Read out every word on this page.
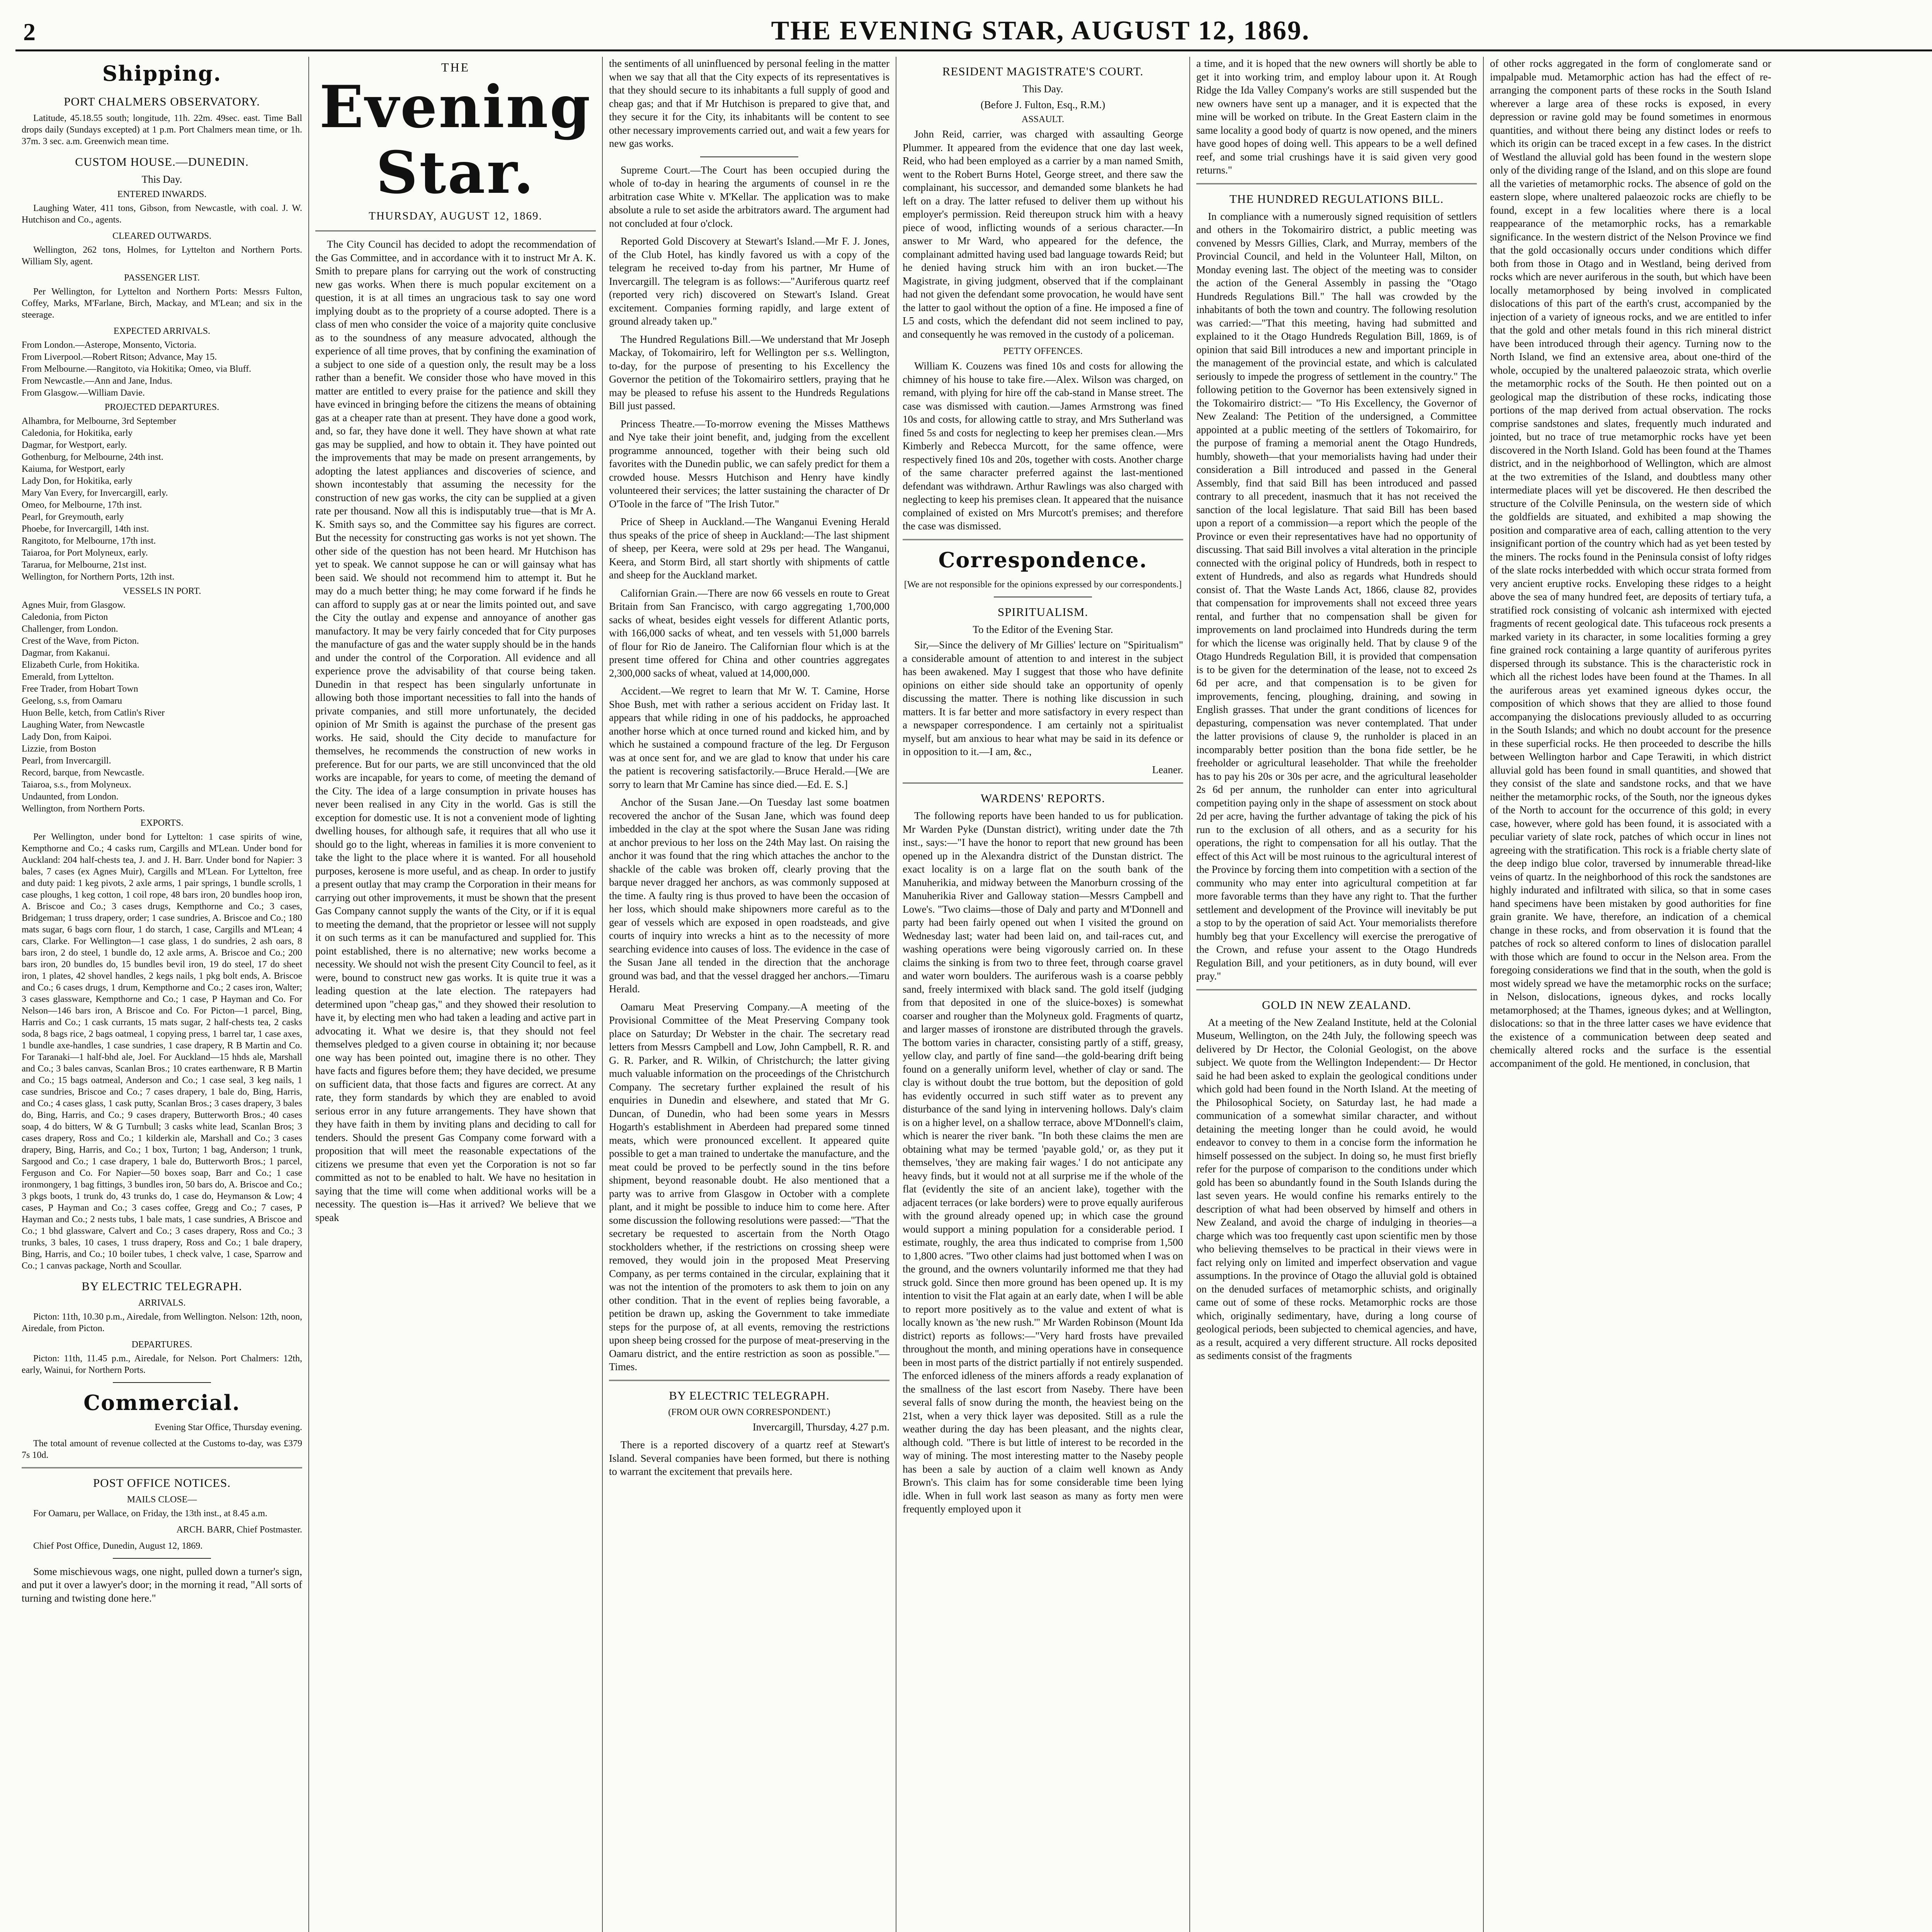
2	THE EVENING STAR, AUGUST 12, 1869.
Shipping.
PORT CHALMERS OBSERVATORY.

Latitude, 45.18.55 south; longitude, 11h. 22m. 49sec. east. Time Ball drops daily (Sundays excepted) at 1 p.m. Port Chalmers mean time, or 1h. 37m. 3 sec. a.m. Greenwich mean time.

CUSTOM HOUSE.—DUNEDIN.
This Day.
ENTERED INWARDS.

Laughing Water, 411 tons, Gibson, from Newcastle, with coal. J. W. Hutchison and Co., agents.

CLEARED OUTWARDS.

Wellington, 262 tons, Holmes, for Lyttelton and Northern Ports. William Sly, agent.

PASSENGER LIST.

Per Wellington, for Lyttelton and Northern Ports: Messrs Fulton, Coffey, Marks, M'Farlane, Birch, Mackay, and M'Lean; and six in the steerage.

EXPECTED ARRIVALS.
From London.—Asterope, Monsento, Victoria.
From Liverpool.—Robert Ritson; Advance, May 15.
From Melbourne.—Rangitoto, via Hokitika; Omeo, via Bluff.
From Newcastle.—Ann and Jane, Indus.
From Glasgow.—William Davie.
PROJECTED DEPARTURES.
Alhambra, for Melbourne, 3rd September
Caledonia, for Hokitika, early
Dagmar, for Westport, early.
Gothenburg, for Melbourne, 24th inst.
Kaiuma, for Westport, early
Lady Don, for Hokitika, early
Mary Van Every, for Invercargill, early.
Omeo, for Melbourne, 17th inst.
Pearl, for Greymouth, early
Phoebe, for Invercargill, 14th inst.
Rangitoto, for Melbourne, 17th inst.
Taiaroa, for Port Molyneux, early.
Tararua, for Melbourne, 21st inst.
Wellington, for Northern Ports, 12th inst.
VESSELS IN PORT.
Agnes Muir, from Glasgow.
Caledonia, from Picton
Challenger, from London.
Crest of the Wave, from Picton.
Dagmar, from Kakanui.
Elizabeth Curle, from Hokitika.
Emerald, from Lyttelton.
Free Trader, from Hobart Town
Geelong, s.s, from Oamaru
Huon Belle, ketch, from Catlin's River
Laughing Water, from Newcastle
Lady Don, from Kaipoi.
Lizzie, from Boston
Pearl, from Invercargill.
Record, barque, from Newcastle.
Taiaroa, s.s., from Molyneux.
Undaunted, from London.
Wellington, from Northern Ports.
EXPORTS.

Per Wellington, under bond for Lyttelton: 1 case spirits of wine, Kempthorne and Co.; 4 casks rum, Cargills and M'Lean. Under bond for Auckland: 204 half-chests tea, J. and J. H. Barr. Under bond for Napier: 3 bales, 7 cases (ex Agnes Muir), Cargills and M'Lean. For Lyttelton, free and duty paid: 1 keg pivots, 2 axle arms, 1 pair springs, 1 bundle scrolls, 1 case ploughs, 1 keg cotton, 1 coil rope, 48 bars iron, 20 bundles hoop iron, A. Briscoe and Co.; 3 cases drugs, Kempthorne and Co.; 3 cases, Bridgeman; 1 truss drapery, order; 1 case sundries, A. Briscoe and Co.; 180 mats sugar, 6 bags corn flour, 1 do starch, 1 case, Cargills and M'Lean; 4 cars, Clarke. For Wellington—1 case glass, 1 do sundries, 2 ash oars, 8 bars iron, 2 do steel, 1 bundle do, 12 axle arms, A. Briscoe and Co.; 200 bars iron, 20 bundles do, 15 bundles bevil iron, 19 do steel, 17 do sheet iron, 1 plates, 42 shovel handles, 2 kegs nails, 1 pkg bolt ends, A. Briscoe and Co.; 6 cases drugs, 1 drum, Kempthorne and Co.; 2 cases iron, Walter; 3 cases glassware, Kempthorne and Co.; 1 case, P Hayman and Co. For Nelson—146 bars iron, A Briscoe and Co. For Picton—1 parcel, Bing, Harris and Co.; 1 cask currants, 15 mats sugar, 2 half-chests tea, 2 casks soda, 8 bags rice, 2 bags oatmeal, 1 copying press, 1 barrel tar, 1 case axes, 1 bundle axe-handles, 1 case sundries, 1 case drapery, R B Martin and Co. For Taranaki—1 half-bhd ale, Joel. For Auckland—15 hhds ale, Marshall and Co.; 3 bales canvas, Scanlan Bros.; 10 crates earthenware, R B Martin and Co.; 15 bags oatmeal, Anderson and Co.; 1 case seal, 3 keg nails, 1 case sundries, Briscoe and Co.; 7 cases drapery, 1 bale do, Bing, Harris, and Co.; 4 cases glass, 1 cask putty, Scanlan Bros.; 3 cases drapery, 3 bales do, Bing, Harris, and Co.; 9 cases drapery, Butterworth Bros.; 40 cases soap, 4 do bitters, W & G Turnbull; 3 casks white lead, Scanlan Bros; 3 cases drapery, Ross and Co.; 1 kilderkin ale, Marshall and Co.; 3 cases drapery, Bing, Harris, and Co.; 1 box, Turton; 1 bag, Anderson; 1 trunk, Sargood and Co.; 1 case drapery, 1 bale do, Butterworth Bros.; 1 parcel, Ferguson and Co. For Napier—50 boxes soap, Barr and Co.; 1 case ironmongery, 1 bag fittings, 3 bundles iron, 50 bars do, A. Briscoe and Co.; 3 pkgs boots, 1 trunk do, 43 trunks do, 1 case do, Heymanson & Low; 4 cases, P Hayman and Co.; 3 cases coffee, Gregg and Co.; 7 cases, P Hayman and Co.; 2 nests tubs, 1 bale mats, 1 case sundries, A Briscoe and Co.; 1 bhd glassware, Calvert and Co.; 3 cases drapery, Ross and Co.; 3 trunks, 3 bales, 10 cases, 1 truss drapery, Ross and Co.; 1 bale drapery, Bing, Harris, and Co.; 10 boiler tubes, 1 check valve, 1 case, Sparrow and Co.; 1 canvas package, North and Scoullar.

BY ELECTRIC TELEGRAPH.
ARRIVALS.

Picton: 11th, 10.30 p.m., Airedale, from Wellington. Nelson: 12th, noon, Airedale, from Picton.

DEPARTURES.

Picton: 11th, 11.45 p.m., Airedale, for Nelson. Port Chalmers: 12th, early, Wainui, for Northern Ports.

Commercial.

Evening Star Office, Thursday evening.

The total amount of revenue collected at the Customs to-day, was £379 7s 10d.

POST OFFICE NOTICES.
MAILS CLOSE—

For Oamaru, per Wallace, on Friday, the 13th inst., at 8.45 a.m.

ARCH. BARR, Chief Postmaster.

Chief Post Office, Dunedin, August 12, 1869.

Some mischievous wags, one night, pulled down a turner's sign, and put it over a lawyer's door; in the morning it read, "All sorts of turning and twisting done here."

THE
Evening Star.
THURSDAY, AUGUST 12, 1869.

The City Council has decided to adopt the recommendation of the Gas Committee, and in accordance with it to instruct Mr A. K. Smith to prepare plans for carrying out the work of constructing new gas works. When there is much popular excitement on a question, it is at all times an ungracious task to say one word implying doubt as to the propriety of a course adopted. There is a class of men who consider the voice of a majority quite conclusive as to the soundness of any measure advocated, although the experience of all time proves, that by confining the examination of a subject to one side of a question only, the result may be a loss rather than a benefit. We consider those who have moved in this matter are entitled to every praise for the patience and skill they have evinced in bringing before the citizens the means of obtaining gas at a cheaper rate than at present. They have done a good work, and, so far, they have done it well. They have shown at what rate gas may be supplied, and how to obtain it. They have pointed out the improvements that may be made on present arrangements, by adopting the latest appliances and discoveries of science, and shown incontestably that assuming the necessity for the construction of new gas works, the city can be supplied at a given rate per thousand. Now all this is indisputably true—that is Mr A. K. Smith says so, and the Committee say his figures are correct. But the necessity for constructing gas works is not yet shown. The other side of the question has not been heard. Mr Hutchison has yet to speak. We cannot suppose he can or will gainsay what has been said. We should not recommend him to attempt it. But he may do a much better thing; he may come forward if he finds he can afford to supply gas at or near the limits pointed out, and save the City the outlay and expense and annoyance of another gas manufactory. It may be very fairly conceded that for City purposes the manufacture of gas and the water supply should be in the hands and under the control of the Corporation. All evidence and all experience prove the advisability of that course being taken. Dunedin in that respect has been singularly unfortunate in allowing both those important necessities to fall into the hands of private companies, and still more unfortunately, the decided opinion of Mr Smith is against the purchase of the present gas works. He said, should the City decide to manufacture for themselves, he recommends the construction of new works in preference. But for our parts, we are still unconvinced that the old works are incapable, for years to come, of meeting the demand of the City. The idea of a large consumption in private houses has never been realised in any City in the world. Gas is still the exception for domestic use. It is not a convenient mode of lighting dwelling houses, for although safe, it requires that all who use it should go to the light, whereas in families it is more convenient to take the light to the place where it is wanted. For all household purposes, kerosene is more useful, and as cheap. In order to justify a present outlay that may cramp the Corporation in their means for carrying out other improvements, it must be shown that the present Gas Company cannot supply the wants of the City, or if it is equal to meeting the demand, that the proprietor or lessee will not supply it on such terms as it can be manufactured and supplied for. This point established, there is no alternative; new works become a necessity. We should not wish the present City Council to feel, as it were, bound to construct new gas works. It is quite true it was a leading question at the late election. The ratepayers had determined upon "cheap gas," and they showed their resolution to have it, by electing men who had taken a leading and active part in advocating it. What we desire is, that they should not feel themselves pledged to a given course in obtaining it; nor because one way has been pointed out, imagine there is no other. They have facts and figures before them; they have decided, we presume on sufficient data, that those facts and figures are correct. At any rate, they form standards by which they are enabled to avoid serious error in any future arrangements. They have shown that they have faith in them by inviting plans and deciding to call for tenders. Should the present Gas Company come forward with a proposition that will meet the reasonable expectations of the citizens we presume that even yet the Corporation is not so far committed as not to be enabled to halt. We have no hesitation in saying that the time will come when additional works will be a necessity. The question is—Has it arrived? We believe that we speak

the sentiments of all uninfluenced by personal feeling in the matter when we say that all that the City expects of its representatives is that they should secure to its inhabitants a full supply of good and cheap gas; and that if Mr Hutchison is prepared to give that, and they secure it for the City, its inhabitants will be content to see other necessary improvements carried out, and wait a few years for new gas works.

Supreme Court.—The Court has been occupied during the whole of to-day in hearing the arguments of counsel in re the arbitration case White v. M'Kellar. The application was to make absolute a rule to set aside the arbitrators award. The argument had not concluded at four o'clock.

Reported Gold Discovery at Stewart's Island.—Mr F. J. Jones, of the Club Hotel, has kindly favored us with a copy of the telegram he received to-day from his partner, Mr Hume of Invercargill. The telegram is as follows:—"Auriferous quartz reef (reported very rich) discovered on Stewart's Island. Great excitement. Companies forming rapidly, and large extent of ground already taken up."

The Hundred Regulations Bill.—We understand that Mr Joseph Mackay, of Tokomairiro, left for Wellington per s.s. Wellington, to-day, for the purpose of presenting to his Excellency the Governor the petition of the Tokomairiro settlers, praying that he may be pleased to refuse his assent to the Hundreds Regulations Bill just passed.

Princess Theatre.—To-morrow evening the Misses Matthews and Nye take their joint benefit, and, judging from the excellent programme announced, together with their being such old favorites with the Dunedin public, we can safely predict for them a crowded house. Messrs Hutchison and Henry have kindly volunteered their services; the latter sustaining the character of Dr O'Toole in the farce of "The Irish Tutor."

Price of Sheep in Auckland.—The Wanganui Evening Herald thus speaks of the price of sheep in Auckland:—The last shipment of sheep, per Keera, were sold at 29s per head. The Wanganui, Keera, and Storm Bird, all start shortly with shipments of cattle and sheep for the Auckland market.

Californian Grain.—There are now 66 vessels en route to Great Britain from San Francisco, with cargo aggregating 1,700,000 sacks of wheat, besides eight vessels for different Atlantic ports, with 166,000 sacks of wheat, and ten vessels with 51,000 barrels of flour for Rio de Janeiro. The Californian flour which is at the present time offered for China and other countries aggregates 2,300,000 sacks of wheat, valued at 14,000,000.

Accident.—We regret to learn that Mr W. T. Camine, Horse Shoe Bush, met with rather a serious accident on Friday last. It appears that while riding in one of his paddocks, he approached another horse which at once turned round and kicked him, and by which he sustained a compound fracture of the leg. Dr Ferguson was at once sent for, and we are glad to know that under his care the patient is recovering satisfactorily.—Bruce Herald.—[We are sorry to learn that Mr Camine has since died.—Ed. E. S.]

Anchor of the Susan Jane.—On Tuesday last some boatmen recovered the anchor of the Susan Jane, which was found deep imbedded in the clay at the spot where the Susan Jane was riding at anchor previous to her loss on the 24th May last. On raising the anchor it was found that the ring which attaches the anchor to the shackle of the cable was broken off, clearly proving that the barque never dragged her anchors, as was commonly supposed at the time. A faulty ring is thus proved to have been the occasion of her loss, which should make shipowners more careful as to the gear of vessels which are exposed in open roadsteads, and give courts of inquiry into wrecks a hint as to the necessity of more searching evidence into causes of loss. The evidence in the case of the Susan Jane all tended in the direction that the anchorage ground was bad, and that the vessel dragged her anchors.—Timaru Herald.

Oamaru Meat Preserving Company.—A meeting of the Provisional Committee of the Meat Preserving Company took place on Saturday; Dr Webster in the chair. The secretary read letters from Messrs Campbell and Low, John Campbell, R. R. and G. R. Parker, and R. Wilkin, of Christchurch; the latter giving much valuable information on the proceedings of the Christchurch Company. The secretary further explained the result of his enquiries in Dunedin and elsewhere, and stated that Mr G. Duncan, of Dunedin, who had been some years in Messrs Hogarth's establishment in Aberdeen had prepared some tinned meats, which were pronounced excellent. It appeared quite possible to get a man trained to undertake the manufacture, and the meat could be proved to be perfectly sound in the tins before shipment, beyond reasonable doubt. He also mentioned that a party was to arrive from Glasgow in October with a complete plant, and it might be possible to induce him to come here. After some discussion the following resolutions were passed:—"That the secretary be requested to ascertain from the North Otago stockholders whether, if the restrictions on crossing sheep were removed, they would join in the proposed Meat Preserving Company, as per terms contained in the circular, explaining that it was not the intention of the promoters to ask them to join on any other condition. That in the event of replies being favorable, a petition be drawn up, asking the Government to take immediate steps for the purpose of, at all events, removing the restrictions upon sheep being crossed for the purpose of meat-preserving in the Oamaru district, and the entire restriction as soon as possible."—Times.

BY ELECTRIC TELEGRAPH.
(FROM OUR OWN CORRESPONDENT.)

Invercargill, Thursday, 4.27 p.m.

There is a reported discovery of a quartz reef at Stewart's Island. Several companies have been formed, but there is nothing to warrant the excitement that prevails here.

RESIDENT MAGISTRATE'S COURT.
This Day.
(Before J. Fulton, Esq., R.M.)
ASSAULT.

John Reid, carrier, was charged with assaulting George Plummer. It appeared from the evidence that one day last week, Reid, who had been employed as a carrier by a man named Smith, went to the Robert Burns Hotel, George street, and there saw the complainant, his successor, and demanded some blankets he had left on a dray. The latter refused to deliver them up without his employer's permission. Reid thereupon struck him with a heavy piece of wood, inflicting wounds of a serious character.—In answer to Mr Ward, who appeared for the defence, the complainant admitted having used bad language towards Reid; but he denied having struck him with an iron bucket.—The Magistrate, in giving judgment, observed that if the complainant had not given the defendant some provocation, he would have sent the latter to gaol without the option of a fine. He imposed a fine of L5 and costs, which the defendant did not seem inclined to pay, and consequently he was removed in the custody of a policeman.

PETTY OFFENCES.

William K. Couzens was fined 10s and costs for allowing the chimney of his house to take fire.—Alex. Wilson was charged, on remand, with plying for hire off the cab-stand in Manse street. The case was dismissed with caution.—James Armstrong was fined 10s and costs, for allowing cattle to stray, and Mrs Sutherland was fined 5s and costs for neglecting to keep her premises clean.—Mrs Kimberly and Rebecca Murcott, for the same offence, were respectively fined 10s and 20s, together with costs. Another charge of the same character preferred against the last-mentioned defendant was withdrawn. Arthur Rawlings was also charged with neglecting to keep his premises clean. It appeared that the nuisance complained of existed on Mrs Murcott's premises; and therefore the case was dismissed.

Correspondence.

[We are not responsible for the opinions expressed by our correspondents.]

SPIRITUALISM.
To the Editor of the Evening Star.

Sir,—Since the delivery of Mr Gillies' lecture on "Spiritualism" a considerable amount of attention to and interest in the subject has been awakened. May I suggest that those who have definite opinions on either side should take an opportunity of openly discussing the matter. There is nothing like discussion in such matters. It is far better and more satisfactory in every respect than a newspaper correspondence. I am certainly not a spiritualist myself, but am anxious to hear what may be said in its defence or in opposition to it.—I am, &c.,

Leaner.

WARDENS' REPORTS.

The following reports have been handed to us for publication. Mr Warden Pyke (Dunstan district), writing under date the 7th inst., says:—"I have the honor to report that new ground has been opened up in the Alexandra district of the Dunstan district. The exact locality is on a large flat on the south bank of the Manuherikia, and midway between the Manorburn crossing of the Manuherikia River and Galloway station—Messrs Campbell and Lowe's. "Two claims—those of Daly and party and M'Donnell and party had been fairly opened out when I visited the ground on Wednesday last; water had been laid on, and tail-races cut, and washing operations were being vigorously carried on. In these claims the sinking is from two to three feet, through coarse gravel and water worn boulders. The auriferous wash is a coarse pebbly sand, freely intermixed with black sand. The gold itself (judging from that deposited in one of the sluice-boxes) is somewhat coarser and rougher than the Molyneux gold. Fragments of quartz, and larger masses of ironstone are distributed through the gravels. The bottom varies in character, consisting partly of a stiff, greasy, yellow clay, and partly of fine sand—the gold-bearing drift being found on a generally uniform level, whether of clay or sand. The clay is without doubt the true bottom, but the deposition of gold has evidently occurred in such stiff water as to prevent any disturbance of the sand lying in intervening hollows. Daly's claim is on a higher level, on a shallow terrace, above M'Donnell's claim, which is nearer the river bank. "In both these claims the men are obtaining what may be termed 'payable gold,' or, as they put it themselves, 'they are making fair wages.' I do not anticipate any heavy finds, but it would not at all surprise me if the whole of the flat (evidently the site of an ancient lake), together with the adjacent terraces (or lake borders) were to prove equally auriferous with the ground already opened up; in which case the ground would support a mining population for a considerable period. I estimate, roughly, the area thus indicated to comprise from 1,500 to 1,800 acres. "Two other claims had just bottomed when I was on the ground, and the owners voluntarily informed me that they had struck gold. Since then more ground has been opened up. It is my intention to visit the Flat again at an early date, when I will be able to report more positively as to the value and extent of what is locally known as 'the new rush.'" Mr Warden Robinson (Mount Ida district) reports as follows:—"Very hard frosts have prevailed throughout the month, and mining operations have in consequence been in most parts of the district partially if not entirely suspended. The enforced idleness of the miners affords a ready explanation of the smallness of the last escort from Naseby. There have been several falls of snow during the month, the heaviest being on the 21st, when a very thick layer was deposited. Still as a rule the weather during the day has been pleasant, and the nights clear, although cold. "There is but little of interest to be recorded in the way of mining. The most interesting matter to the Naseby people has been a sale by auction of a claim well known as Andy Brown's. This claim has for some considerable time been lying idle. When in full work last season as many as forty men were frequently employed upon it

a time, and it is hoped that the new owners will shortly be able to get it into working trim, and employ labour upon it. At Rough Ridge the Ida Valley Company's works are still suspended but the new owners have sent up a manager, and it is expected that the mine will be worked on tribute. In the Great Eastern claim in the same locality a good body of quartz is now opened, and the miners have good hopes of doing well. This appears to be a well defined reef, and some trial crushings have it is said given very good returns."

THE HUNDRED REGULATIONS BILL.

In compliance with a numerously signed requisition of settlers and others in the Tokomairiro district, a public meeting was convened by Messrs Gillies, Clark, and Murray, members of the Provincial Council, and held in the Volunteer Hall, Milton, on Monday evening last. The object of the meeting was to consider the action of the General Assembly in passing the "Otago Hundreds Regulations Bill." The hall was crowded by the inhabitants of both the town and country. The following resolution was carried:—"That this meeting, having had submitted and explained to it the Otago Hundreds Regulation Bill, 1869, is of opinion that said Bill introduces a new and important principle in the management of the provincial estate, and which is calculated seriously to impede the progress of settlement in the country." The following petition to the Governor has been extensively signed in the Tokomairiro district:— "To His Excellency, the Governor of New Zealand: The Petition of the undersigned, a Committee appointed at a public meeting of the settlers of Tokomairiro, for the purpose of framing a memorial anent the Otago Hundreds, humbly, showeth—that your memorialists having had under their consideration a Bill introduced and passed in the General Assembly, find that said Bill has been introduced and passed contrary to all precedent, inasmuch that it has not received the sanction of the local legislature. That said Bill has been based upon a report of a commission—a report which the people of the Province or even their representatives have had no opportunity of discussing. That said Bill involves a vital alteration in the principle connected with the original policy of Hundreds, both in respect to extent of Hundreds, and also as regards what Hundreds should consist of. That the Waste Lands Act, 1866, clause 82, provides that compensation for improvements shall not exceed three years rental, and further that no compensation shall be given for improvements on land proclaimed into Hundreds during the term for which the license was originally held. That by clause 9 of the Otago Hundreds Regulation Bill, it is provided that compensation is to be given for the determination of the lease, not to exceed 2s 6d per acre, and that compensation is to be given for improvements, fencing, ploughing, draining, and sowing in English grasses. That under the grant conditions of licences for depasturing, compensation was never contemplated. That under the latter provisions of clause 9, the runholder is placed in an incomparably better position than the bona fide settler, be he freeholder or agricultural leaseholder. That while the freeholder has to pay his 20s or 30s per acre, and the agricultural leaseholder 2s 6d per annum, the runholder can enter into agricultural competition paying only in the shape of assessment on stock about 2d per acre, having the further advantage of taking the pick of his run to the exclusion of all others, and as a security for his operations, the right to compensation for all his outlay. That the effect of this Act will be most ruinous to the agricultural interest of the Province by forcing them into competition with a section of the community who may enter into agricultural competition at far more favorable terms than they have any right to. That the further settlement and development of the Province will inevitably be put a stop to by the operation of said Act. Your memorialists therefore humbly beg that your Excellency will exercise the prerogative of the Crown, and refuse your assent to the Otago Hundreds Regulation Bill, and your petitioners, as in duty bound, will ever pray."

GOLD IN NEW ZEALAND.

At a meeting of the New Zealand Institute, held at the Colonial Museum, Wellington, on the 24th July, the following speech was delivered by Dr Hector, the Colonial Geologist, on the above subject. We quote from the Wellington Independent:— Dr Hector said he had been asked to explain the geological conditions under which gold had been found in the North Island. At the meeting of the Philosophical Society, on Saturday last, he had made a communication of a somewhat similar character, and without detaining the meeting longer than he could avoid, he would endeavor to convey to them in a concise form the information he himself possessed on the subject. In doing so, he must first briefly refer for the purpose of comparison to the conditions under which gold has been so abundantly found in the South Islands during the last seven years. He would confine his remarks entirely to the description of what had been observed by himself and others in New Zealand, and avoid the charge of indulging in theories—a charge which was too frequently cast upon scientific men by those who believing themselves to be practical in their views were in fact relying only on limited and imperfect observation and vague assumptions. In the province of Otago the alluvial gold is obtained on the denuded surfaces of metamorphic schists, and originally came out of some of these rocks. Metamorphic rocks are those which, originally sedimentary, have, during a long course of geological periods, been subjected to chemical agencies, and have, as a result, acquired a very different structure. All rocks deposited as sediments consist of the fragments

of other rocks aggregated in the form of conglomerate sand or impalpable mud. Metamorphic action has had the effect of re-arranging the component parts of these rocks in the South Island wherever a large area of these rocks is exposed, in every depression or ravine gold may be found sometimes in enormous quantities, and without there being any distinct lodes or reefs to which its origin can be traced except in a few cases. In the district of Westland the alluvial gold has been found in the western slope only of the dividing range of the Island, and on this slope are found all the varieties of metamorphic rocks. The absence of gold on the eastern slope, where unaltered palaeozoic rocks are chiefly to be found, except in a few localities where there is a local reappearance of the metamorphic rocks, has a remarkable significance. In the western district of the Nelson Province we find that the gold occasionally occurs under conditions which differ both from those in Otago and in Westland, being derived from rocks which are never auriferous in the south, but which have been locally metamorphosed by being involved in complicated dislocations of this part of the earth's crust, accompanied by the injection of a variety of igneous rocks, and we are entitled to infer that the gold and other metals found in this rich mineral district have been introduced through their agency. Turning now to the North Island, we find an extensive area, about one-third of the whole, occupied by the unaltered palaeozoic strata, which overlie the metamorphic rocks of the South. He then pointed out on a geological map the distribution of these rocks, indicating those portions of the map derived from actual observation. The rocks comprise sandstones and slates, frequently much indurated and jointed, but no trace of true metamorphic rocks have yet been discovered in the North Island. Gold has been found at the Thames district, and in the neighborhood of Wellington, which are almost at the two extremities of the Island, and doubtless many other intermediate places will yet be discovered. He then described the structure of the Colville Peninsula, on the western side of which the goldfields are situated, and exhibited a map showing the position and comparative area of each, calling attention to the very insignificant portion of the country which had as yet been tested by the miners. The rocks found in the Peninsula consist of lofty ridges of the slate rocks interbedded with which occur strata formed from very ancient eruptive rocks. Enveloping these ridges to a height above the sea of many hundred feet, are deposits of tertiary tufa, a stratified rock consisting of volcanic ash intermixed with ejected fragments of recent geological date. This tufaceous rock presents a marked variety in its character, in some localities forming a grey fine grained rock containing a large quantity of auriferous pyrites dispersed through its substance. This is the characteristic rock in which all the richest lodes have been found at the Thames. In all the auriferous areas yet examined igneous dykes occur, the composition of which shows that they are allied to those found accompanying the dislocations previously alluded to as occurring in the South Islands; and which no doubt account for the presence in these superficial rocks. He then proceeded to describe the hills between Wellington harbor and Cape Terawiti, in which district alluvial gold has been found in small quantities, and showed that they consist of the slate and sandstone rocks, and that we have neither the metamorphic rocks, of the South, nor the igneous dykes of the North to account for the occurrence of this gold; in every case, however, where gold has been found, it is associated with a peculiar variety of slate rock, patches of which occur in lines not agreeing with the stratification. This rock is a friable cherty slate of the deep indigo blue color, traversed by innumerable thread-like veins of quartz. In the neighborhood of this rock the sandstones are highly indurated and infiltrated with silica, so that in some cases hand specimens have been mistaken by good authorities for fine grain granite. We have, therefore, an indication of a chemical change in these rocks, and from observation it is found that the patches of rock so altered conform to lines of dislocation parallel with those which are found to occur in the Nelson area. From the foregoing considerations we find that in the south, when the gold is most widely spread we have the metamorphic rocks on the surface; in Nelson, dislocations, igneous dykes, and rocks locally metamorphosed; at the Thames, igneous dykes; and at Wellington, dislocations: so that in the three latter cases we have evidence that the existence of a communication between deep seated and chemically altered rocks and the surface is the essential accompaniment of the gold. He mentioned, in conclusion, that
